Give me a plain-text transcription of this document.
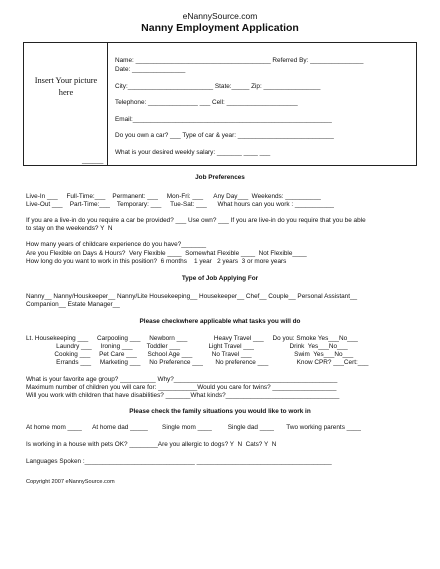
eNannySource.com
Nanny Employment Application
Insert Your picture
here
Name: ______________________________________ Referred By: _______________
Date: _______________
City:________________________ State:_____ Zip: ________________
Telephone: ______________ ___ Cell: ____________________
Email:________________________________________________________
Do you own a car? ___ Type of car & year: ___________________________
What is your desired weekly salary: _______ ____ ___
______
Job Preferences
Live-In ___     Full-Time:___    Permanent: ___     Mon-Fri: ___      Any Day___  Weekends: __________
Live-Out ___    Part-Time:___    Temporary: ___     Tue-Sat: ___      What hours can you work : ___________
If you are a live-in do you require a car be provided? ___ Use own? ___ If you are live-in do you require that you be able
to stay on the weekends? Y  N
How many years of childcare experience do you have?_______
Are you Flexible on Days & Hours?  Very Flexible ____  Somewhat Flexible ____  Not Flexible____
How long do you want to work in this position?  6 months    1 year   2 years  3 or more years
Type of Job Applying For
Nanny__ Nanny/Houskeeper__ Nanny/Lite Housekeeping__ Housekeeper__ Chef__ Couple__ Personal Assistant__
Companion__ Estate Manager__
Please checkwhere applicable what tasks you will do
Lt. Housekeeping ___     Carpooling ___     Newborn ___               Heavy Travel ___     Do you: Smoke Yes___No___
Laundry ___     Ironing ___        Toddler ___                Light Travel ___                    Drink  Yes___No___
Cooking ___     Pet Care ___      School Age ___           No Travel ___                        Swim  Yes___No___
Errands ___     Marketing ___     No Preference ___       No preference ___                Know CPR? ___Cert:___
What is your favorite age group? __________ Why?______________________________________________
Maximum number of children you will care for: ___________Would you care for twins? __________________
Will you work with children that have disabilities? _______What kinds?________________________________
Please check the family situations you would like to work in
At home mom ____      At home dad _____        Single mom ____         Single dad ____       Two working parents ____
Is working in a house with pets OK? ________Are you allergic to dogs? Y  N  Cats? Y  N
Languages Spoken :_______________________________ ______________________________________
Copyright 2007 eNannySource.com
